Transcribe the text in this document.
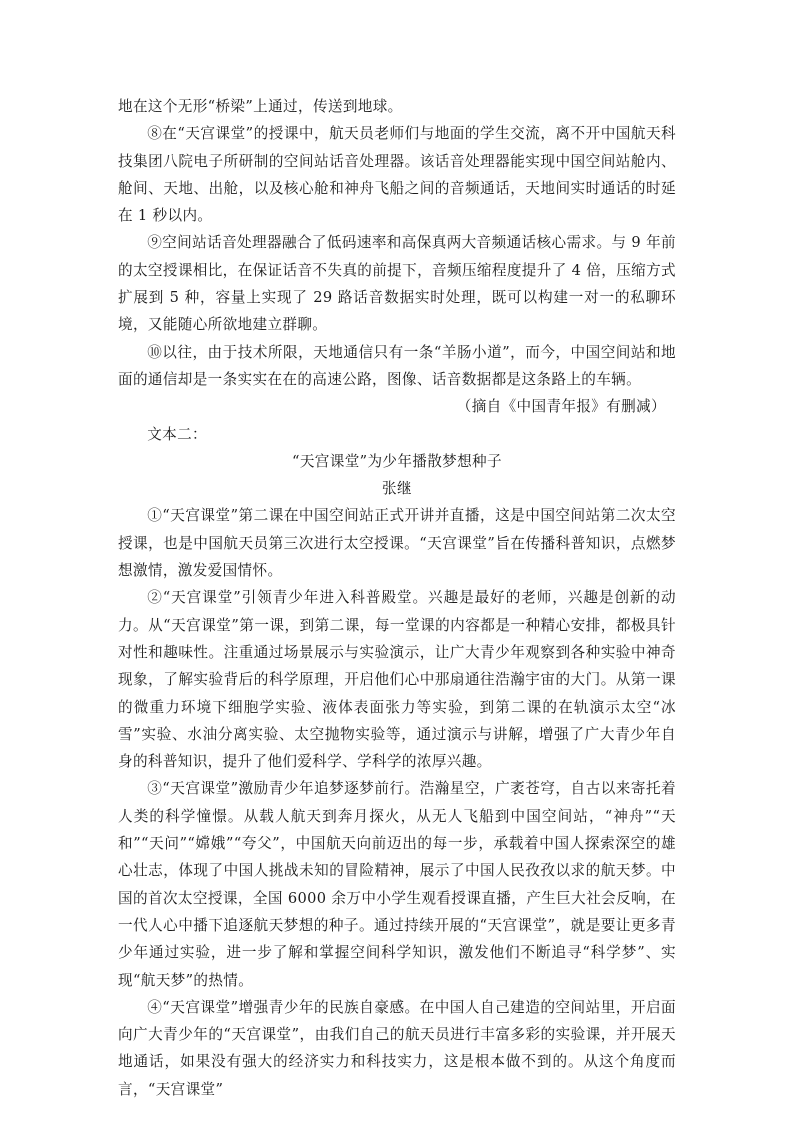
地在这个无形“桥梁”上通过，传送到地球。

⑧在“天宫课堂”的授课中，航天员老师们与地面的学生交流，离不开中国航天科技集团八院电子所研制的空间站话音处理器。该话音处理器能实现中国空间站舱内、舱间、天地、出舱，以及核心舱和神舟飞船之间的音频通话，天地间实时通话的时延在 1 秒以内。

⑨空间站话音处理器融合了低码速率和高保真两大音频通话核心需求。与 9 年前的太空授课相比，在保证话音不失真的前提下，音频压缩程度提升了 4 倍，压缩方式扩展到 5 种，容量上实现了 29 路话音数据实时处理，既可以构建一对一的私聊环境，又能随心所欲地建立群聊。

⑩以往，由于技术所限，天地通信只有一条“羊肠小道”，而今，中国空间站和地面的通信却是一条实实在在的高速公路，图像、话音数据都是这条路上的车辆。

（摘自《中国青年报》有删减）

文本二：

“天宫课堂”为少年播散梦想种子

张继

①“天宫课堂”第二课在中国空间站正式开讲并直播，这是中国空间站第二次太空授课，也是中国航天员第三次进行太空授课。“天宫课堂”旨在传播科普知识，点燃梦想激情，激发爱国情怀。

②“天宫课堂”引领青少年进入科普殿堂。兴趣是最好的老师，兴趣是创新的动力。从“天宫课堂”第一课，到第二课，每一堂课的内容都是一种精心安排，都极具针对性和趣味性。注重通过场景展示与实验演示，让广大青少年观察到各种实验中神奇现象，了解实验背后的科学原理，开启他们心中那扇通往浩瀚宇宙的大门。从第一课的微重力环境下细胞学实验、液体表面张力等实验，到第二课的在轨演示太空“冰雪”实验、水油分离实验、太空抛物实验等，通过演示与讲解，增强了广大青少年自身的科普知识，提升了他们爱科学、学科学的浓厚兴趣。

③“天宫课堂”激励青少年追梦逐梦前行。浩瀚星空，广袤苍穹，自古以来寄托着人类的科学憧憬。从载人航天到奔月探火，从无人飞船到中国空间站，“神舟”“天和”“天问”“嫦娥”“夸父”，中国航天向前迈出的每一步，承载着中国人探索深空的雄心壮志，体现了中国人挑战未知的冒险精神，展示了中国人民孜孜以求的航天梦。中国的首次太空授课，全国 6000 余万中小学生观看授课直播，产生巨大社会反响，在一代人心中播下追逐航天梦想的种子。通过持续开展的“天宫课堂”，就是要让更多青少年通过实验，进一步了解和掌握空间科学知识，激发他们不断追寻“科学梦”、实现“航天梦”的热情。

④“天宫课堂”增强青少年的民族自豪感。在中国人自己建造的空间站里，开启面向广大青少年的“天宫课堂”，由我们自己的航天员进行丰富多彩的实验课，并开展天地通话，如果没有强大的经济实力和科技实力，这是根本做不到的。从这个角度而言，“天宫课堂”
